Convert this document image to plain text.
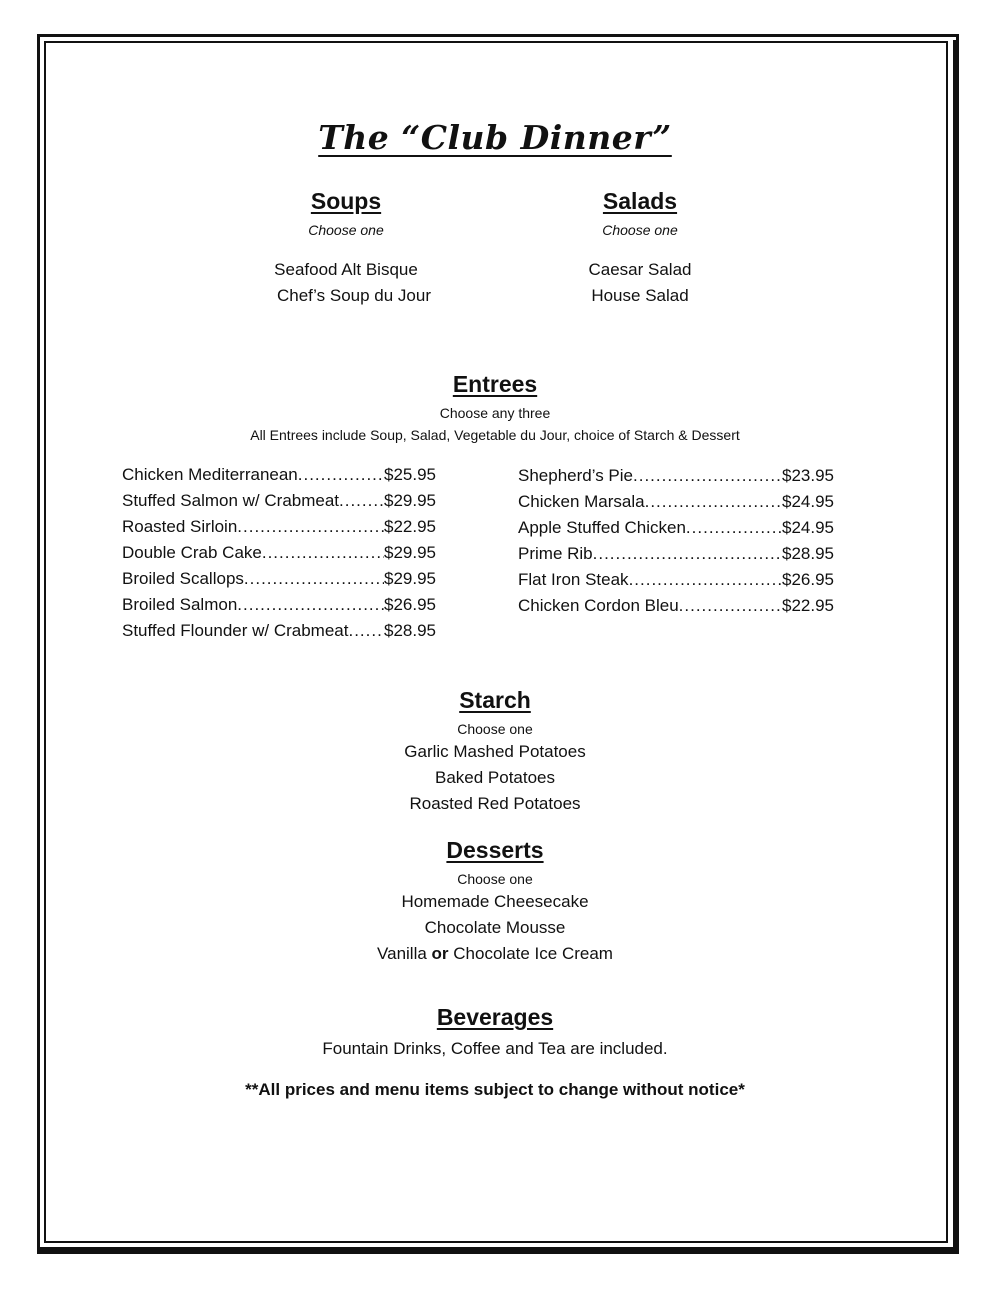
The “Club Dinner”
Soups
Choose one
Seafood Alt Bisque
Chef’s Soup du Jour
Salads
Choose one
Caesar Salad
House Salad
Entrees
Choose any three
All Entrees include Soup, Salad, Vegetable du Jour, choice of Starch & Dessert
Chicken Mediterranean .....	$25.95
Stuffed Salmon w/ Crabmeat .....	$29.95
Roasted Sirloin .....	$22.95
Double Crab Cake .....	$29.95
Broiled Scallops .....	$29.95
Broiled Salmon .....	$26.95
Stuffed Flounder w/ Crabmeat ..... $28.95
Shepherd’s Pie .....	$23.95
Chicken Marsala .....	$24.95
Apple Stuffed Chicken .....	$24.95
Prime Rib .....	$28.95
Flat Iron Steak .....	$26.95
Chicken Cordon Bleu .....	$22.95
Starch
Choose one
Garlic Mashed Potatoes
Baked Potatoes
Roasted Red Potatoes
Desserts
Choose one
Homemade Cheesecake
Chocolate Mousse
Vanilla or Chocolate Ice Cream
Beverages
Fountain Drinks, Coffee and Tea are included.
**All prices and menu items subject to change without notice*
